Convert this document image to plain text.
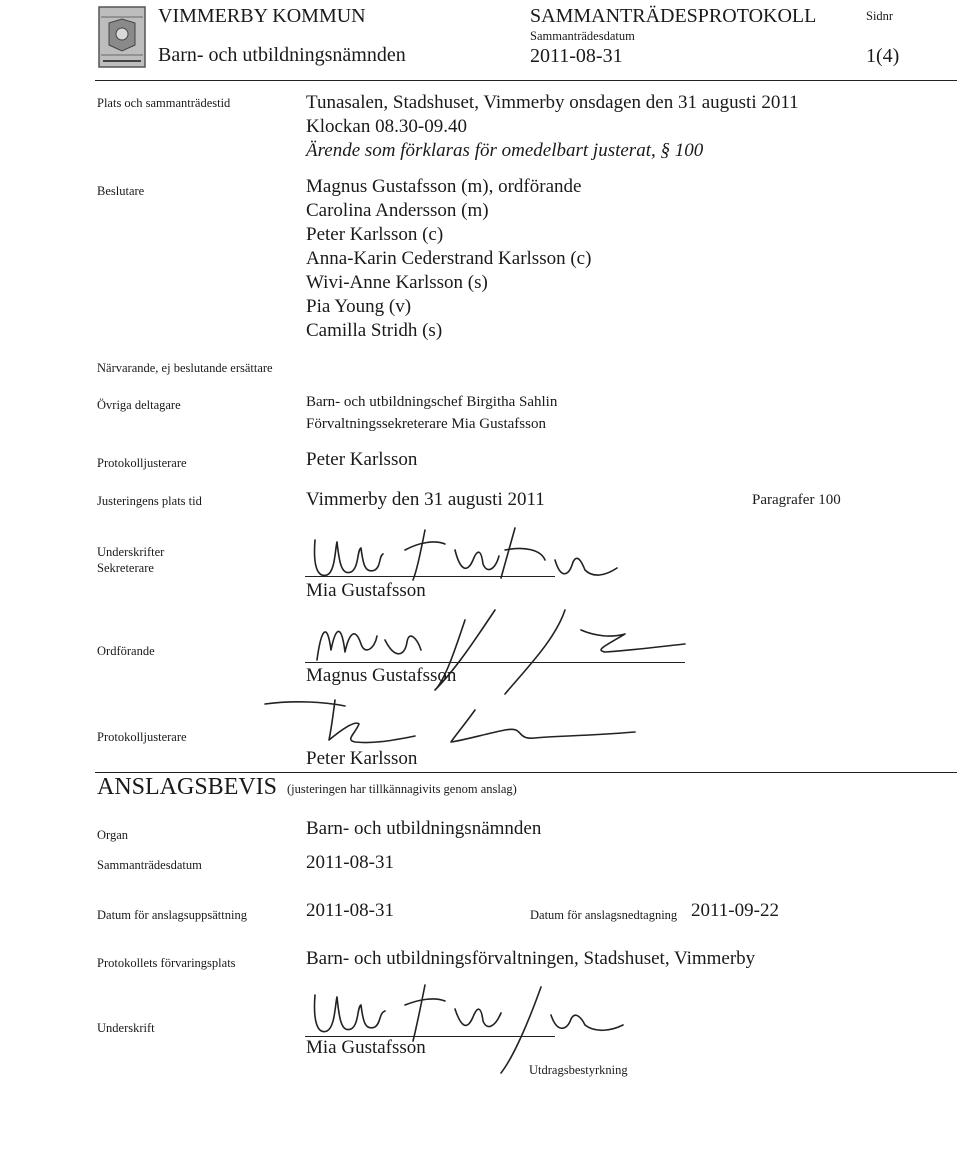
VIMMERBY KOMMUN
Barn- och utbildningsnämnden
SAMMANTRÄDESPROTOKOLL
Sammanträdesdatum
2011-08-31
Sidnr
1(4)
Plats och sammanträdestid	Tunasalen, Stadshuset, Vimmerby onsdagen den 31 augusti 2011
Klockan 08.30-09.40
Ärende som förklaras för omedelbart justerat, § 100
Beslutare	Magnus Gustafsson (m), ordförande
Carolina Andersson (m)
Peter Karlsson (c)
Anna-Karin Cederstrand Karlsson (c)
Wivi-Anne Karlsson (s)
Pia Young (v)
Camilla Stridh (s)
Närvarande, ej beslutande ersättare
Övriga deltagare	Barn- och utbildningschef Birgitha Sahlin
Förvaltningssekreterare Mia Gustafsson
Protokolljusterare	Peter Karlsson
Justeringens plats tid	Vimmerby den 31 augusti 2011	Paragrafer 100
Underskrifter
Sekreterare
Mia Gustafsson
Ordförande
Magnus Gustafsson
Protokolljusterare
Peter Karlsson
ANSLAGSBEVIS (justeringen har tillkännagivits genom anslag)
Organ	Barn- och utbildningsnämnden
Sammanträdesdatum	2011-08-31
Datum för anslagsuppsättning	2011-08-31	Datum för anslagsnedtagning 2011-09-22
Protokollets förvaringsplats	Barn- och utbildningsförvaltningen, Stadshuset, Vimmerby
Underskrift
Mia Gustafsson
Utdragsbestyrkning
